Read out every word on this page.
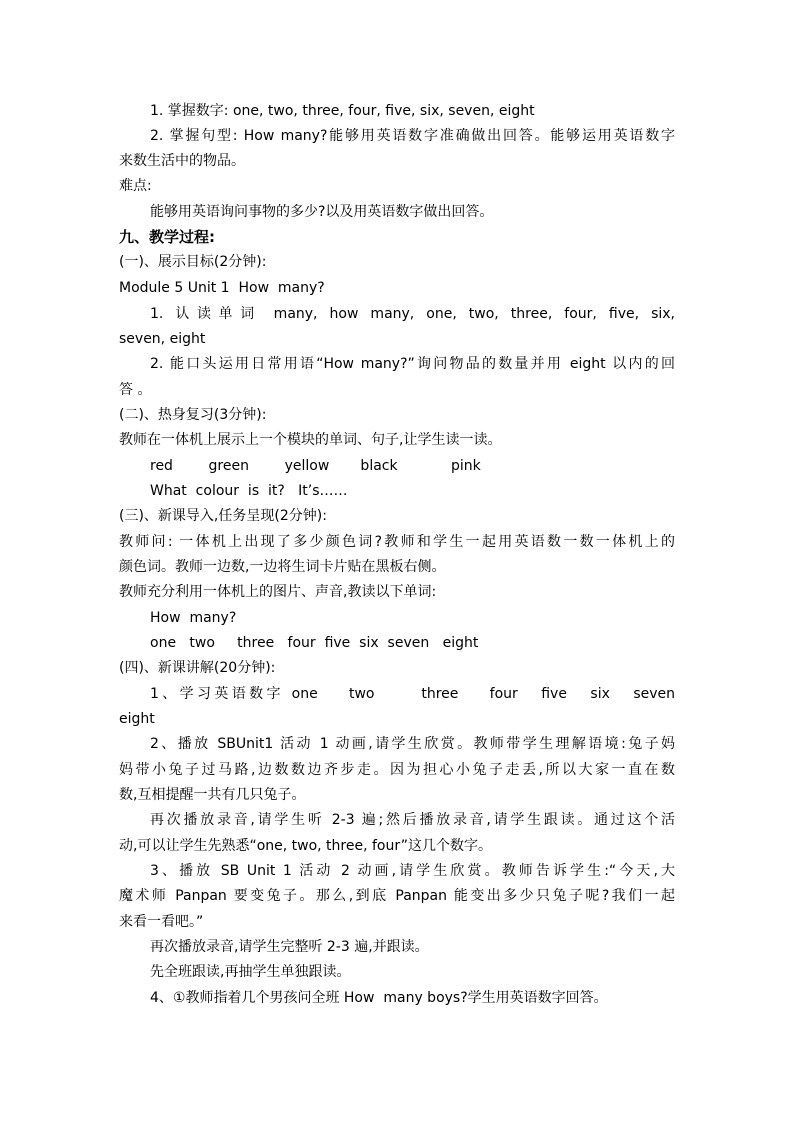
1. 掌握数字: one, two, three, four, five, six, seven, eight
2. 掌握句型: How many?能够用英语数字准确做出回答。能够运用英语数字
来数生活中的物品。
难点:
能够用英语询问事物的多少?以及用英语数字做出回答。
九、教学过程:
(一)、展示目标(2分钟):
Module 5 Unit 1  How  many?
1. 认读单词 many, how many, one, two, three, four, five, six,
seven, eight
2. 能口头运用日常用语“How many?”询问物品的数量并用 eight 以内的回
答 。
(二)、热身复习(3分钟):
教师在一体机上展示上一个模块的单词、句子,让学生读一读。
red        green        yellow       black            pink
What  colour  is  it?   It’s……
(三)、新课导入,任务呈现(2分钟):
教师问: 一体机上出现了多少颜色词?教师和学生一起用英语数一数一体机上的
颜色词。教师一边数,一边将生词卡片贴在黑板右侧。
教师充分利用一体机上的图片、声音,教读以下单词:
How  many?
one   two     three   four  five  six  seven   eight
(四)、新课讲解(20分钟):
1、学习英语数字 one    two      three    four   five   six   seven
eight
2、播放 SBUnit1 活动 1 动画,请学生欣赏。教师带学生理解语境:兔子妈
妈带小兔子过马路,边数数边齐步走。因为担心小兔子走丢,所以大家一直在数
数,互相提醒一共有几只兔子。
再次播放录音,请学生听 2-3 遍;然后播放录音,请学生跟读。通过这个活
动,可以让学生先熟悉“one, two, three, four”这几个数字。
3、播放 SB Unit 1 活动 2 动画,请学生欣赏。教师告诉学生:“今天,大
魔术师 Panpan 要变兔子。那么,到底 Panpan 能变出多少只兔子呢?我们一起
来看一看吧。”
再次播放录音,请学生完整听 2-3 遍,并跟读。
先全班跟读,再抽学生单独跟读。
4、①教师指着几个男孩问全班 How  many boys?学生用英语数字回答。
